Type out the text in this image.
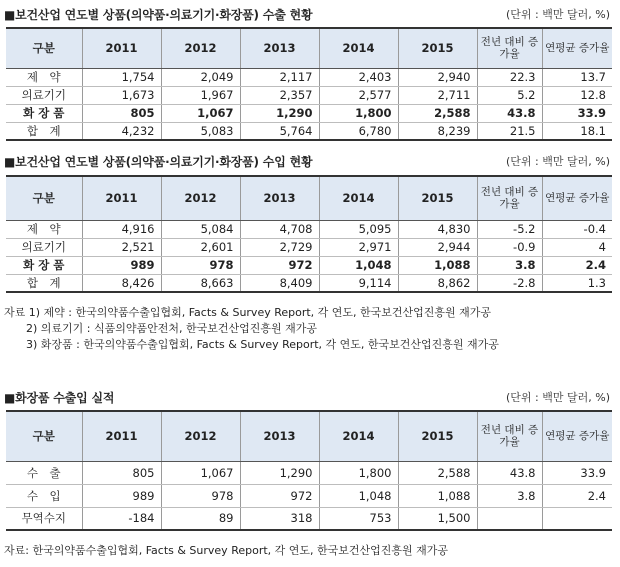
■보건산업 연도별 상품(의약품·의료기기·화장품) 수출 현황	(단위 : 백만 달러, %)
구분	2011	2012	2013	2014	2015	전년 대비 증가율	연평균 증가율
제　약	1,754	2,049	2,117	2,403	2,940	22.3	13.7
의료기기	1,673	1,967	2,357	2,577	2,711	5.2	12.8
화 장 품	805	1,067	1,290	1,800	2,588	43.8	33.9
합　계	4,232	5,083	5,764	6,780	8,239	21.5	18.1
■보건산업 연도별 상품(의약품·의료기기·화장품) 수입 현황	(단위 : 백만 달러, %)
구분	2011	2012	2013	2014	2015	전년 대비 증가율	연평균 증가율
제　약	4,916	5,084	4,708	5,095	4,830	-5.2	-0.4
의료기기	2,521	2,601	2,729	2,971	2,944	-0.9	4
화 장 품	989	978	972	1,048	1,088	3.8	2.4
합　계	8,426	8,663	8,409	9,114	8,862	-2.8	1.3
자료 1) 제약 : 한국의약품수출입협회, Facts & Survey Report, 각 연도, 한국보건산업진흥원 재가공
2) 의료기기 : 식품의약품안전처, 한국보건산업진흥원 재가공
3) 화장품 : 한국의약품수출입협회, Facts & Survey Report, 각 연도, 한국보건산업진흥원 재가공
■화장품 수출입 실적	(단위 : 백만 달러, %)
구분	2011	2012	2013	2014	2015	전년 대비 증가율	연평균 증가율
수　출	805	1,067	1,290	1,800	2,588	43.8	33.9
수　입	989	978	972	1,048	1,088	3.8	2.4
무역수지	-184	89	318	753	1,500		
자료: 한국의약품수출입협회, Facts & Survey Report, 각 연도, 한국보건산업진흥원 재가공
